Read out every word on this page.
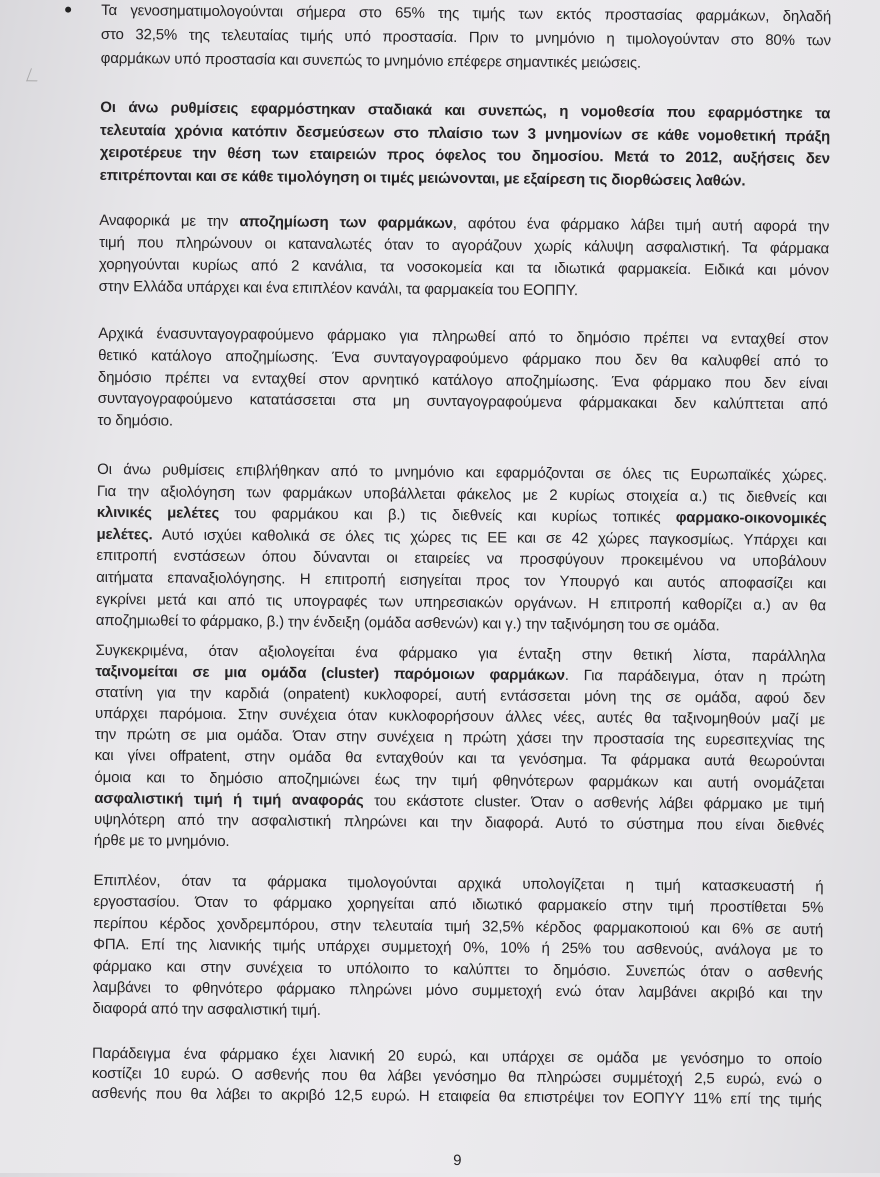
Τα γενοσηματιμολογούνται σήμερα στο 65% της τιμής των εκτός προστασίας φαρμάκων, δηλαδή
στο 32,5% της τελευταίας τιμής υπό προστασία. Πριν το μνημόνιο η τιμολογούνταν στο 80% των
φαρμάκων υπό προστασία και συνεπώς το μνημόνιο επέφερε σημαντικές μειώσεις.
Οι άνω ρυθμίσεις εφαρμόστηκαν σταδιακά και συνεπώς, η νομοθεσία που εφαρμόστηκε τα
τελευταία χρόνια κατόπιν δεσμεύσεων στο πλαίσιο των 3 μνημονίων σε κάθε νομοθετική πράξη
χειροτέρευε την θέση των εταιρειών προς όφελος του δημοσίου. Μετά το 2012, αυξήσεις δεν
επιτρέπονται και σε κάθε τιμολόγηση οι τιμές μειώνονται, με εξαίρεση τις διορθώσεις λαθών.
Αναφορικά με την αποζημίωση των φαρμάκων, αφότου ένα φάρμακο λάβει τιμή αυτή αφορά την
τιμή που πληρώνουν οι καταναλωτές όταν το αγοράζουν χωρίς κάλυψη ασφαλιστική. Τα φάρμακα
χορηγούνται κυρίως από 2 κανάλια, τα νοσοκομεία και τα ιδιωτικά φαρμακεία. Ειδικά και μόνον
στην Ελλάδα υπάρχει και ένα επιπλέον κανάλι, τα φαρμακεία του ΕΟΠΠΥ.
Αρχικά ένασυνταγογραφούμενο φάρμακο για πληρωθεί από το δημόσιο πρέπει να ενταχθεί στον
θετικό κατάλογο αποζημίωσης. Ένα συνταγογραφούμενο φάρμακο που δεν θα καλυφθεί από το
δημόσιο πρέπει να ενταχθεί στον αρνητικό κατάλογο αποζημίωσης. Ένα φάρμακο που δεν είναι
συνταγογραφούμενο κατατάσσεται στα μη συνταγογραφούμενα φάρμακακαι δεν καλύπτεται από
το δημόσιο.
Οι άνω ρυθμίσεις επιβλήθηκαν από το μνημόνιο και εφαρμόζονται σε όλες τις Ευρωπαϊκές χώρες.
Για την αξιολόγηση των φαρμάκων υποβάλλεται φάκελος με 2 κυρίως στοιχεία α.) τις διεθνείς και
κλινικές μελέτες του φαρμάκου και β.) τις διεθνείς και κυρίως τοπικές φαρμακο-οικονομικές
μελέτες. Αυτό ισχύει καθολικά σε όλες τις χώρες τις ΕΕ και σε 42 χώρες παγκοσμίως. Υπάρχει και
επιτροπή ενστάσεων όπου δύνανται οι εταιρείες να προσφύγουν προκειμένου να υποβάλουν
αιτήματα επαναξιολόγησης. Η επιτροπή εισηγείται προς τον Υπουργό και αυτός αποφασίζει και
εγκρίνει μετά και από τις υπογραφές των υπηρεσιακών οργάνων. Η επιτροπή καθορίζει α.) αν θα
αποζημιωθεί το φάρμακο, β.) την ένδειξη (ομάδα ασθενών) και γ.) την ταξινόμηση του σε ομάδα.
Συγκεκριμένα, όταν αξιολογείται ένα φάρμακο για ένταξη στην θετική λίστα, παράλληλα
ταξινομείται σε μια ομάδα (cluster) παρόμοιων φαρμάκων. Για παράδειγμα, όταν η πρώτη
στατίνη για την καρδιά (onpatent) κυκλοφορεί, αυτή εντάσσεται μόνη της σε ομάδα, αφού δεν
υπάρχει παρόμοια. Στην συνέχεια όταν κυκλοφορήσουν άλλες νέες, αυτές θα ταξινομηθούν μαζί με
την πρώτη σε μια ομάδα. Όταν στην συνέχεια η πρώτη χάσει την προστασία της ευρεσιτεχνίας της
και γίνει offpatent, στην ομάδα θα ενταχθούν και τα γενόσημα. Τα φάρμακα αυτά θεωρούνται
όμοια και το δημόσιο αποζημιώνει έως την τιμή φθηνότερων φαρμάκων και αυτή ονομάζεται
ασφαλιστική τιμή ή τιμή αναφοράς του εκάστοτε cluster. Όταν ο ασθενής λάβει φάρμακο με τιμή
υψηλότερη από την ασφαλιστική πληρώνει και την διαφορά. Αυτό το σύστημα που είναι διεθνές
ήρθε με το μνημόνιο.
Επιπλέον, όταν τα φάρμακα τιμολογούνται αρχικά υπολογίζεται η τιμή κατασκευαστή ή
εργοστασίου. Όταν το φάρμακο χορηγείται από ιδιωτικό φαρμακείο στην τιμή προστίθεται 5%
περίπου κέρδος χονδρεμπόρου, στην τελευταία τιμή 32,5% κέρδος φαρμακοποιού και 6% σε αυτή
ΦΠΑ. Επί της λιανικής τιμής υπάρχει συμμετοχή 0%, 10% ή 25% του ασθενούς, ανάλογα με το
φάρμακο και στην συνέχεια το υπόλοιπο το καλύπτει το δημόσιο. Συνεπώς όταν ο ασθενής
λαμβάνει το φθηνότερο φάρμακο πληρώνει μόνο συμμετοχή ενώ όταν λαμβάνει ακριβό και την
διαφορά από την ασφαλιστική τιμή.
Παράδειγμα ένα φάρμακο έχει λιανική 20 ευρώ, και υπάρχει σε ομάδα με γενόσημο το οποίο
κοστίζει 10 ευρώ. Ο ασθενής που θα λάβει γενόσημο θα πληρώσει συμμέτοχή 2,5 ευρώ, ενώ ο
ασθενής που θα λάβει το ακριβό 12,5 ευρώ. Η εταιφεία θα επιστρέψει τον ΕΟΠΥΥ 11% επί της τιμής
9
